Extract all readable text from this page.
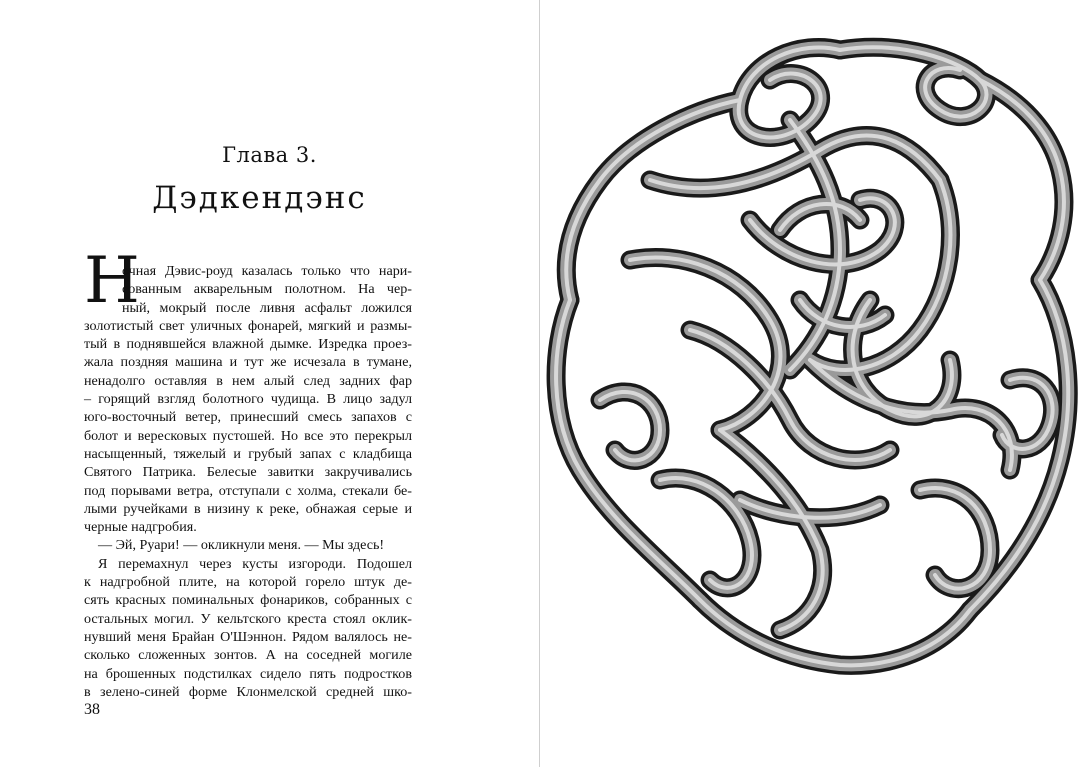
Глава 3.
Дэдкендэнс
Н
очная Дэвис-роуд казалась только что нари-
сованным акварельным полотном. На чер-
ный, мокрый после ливня асфальт ложился
золотистый свет уличных фонарей, мягкий и размы-
тый в поднявшейся влажной дымке. Изредка проез-
жала поздняя машина и тут же исчезала в тумане,
ненадолго оставляя в нем алый след задних фар
– горящий взгляд болотного чудища. В лицо задул
юго-восточный ветер, принесший смесь запахов с
болот и вересковых пустошей. Но все это перекрыл
насыщенный, тяжелый и грубый запах с кладбища
Святого Патрика. Белесые завитки закручивались
под порывами ветра, отступали с холма, стекали бе-
лыми ручейками в низину к реке, обнажая серые и
черные надгробия.
— Эй, Руари! — окликнули меня. — Мы здесь!
Я перемахнул через кусты изгороди. Подошел
к надгробной плите, на которой горело штук де-
сять красных поминальных фонариков, собранных с
остальных могил. У кельтского креста стоял оклик-
нувший меня Брайан О'Шэннон. Рядом валялось не-
сколько сложенных зонтов. А на соседней могиле
на брошенных подстилках сидело пять подростков
в зелено-синей форме Клонмелской средней шко-
38
